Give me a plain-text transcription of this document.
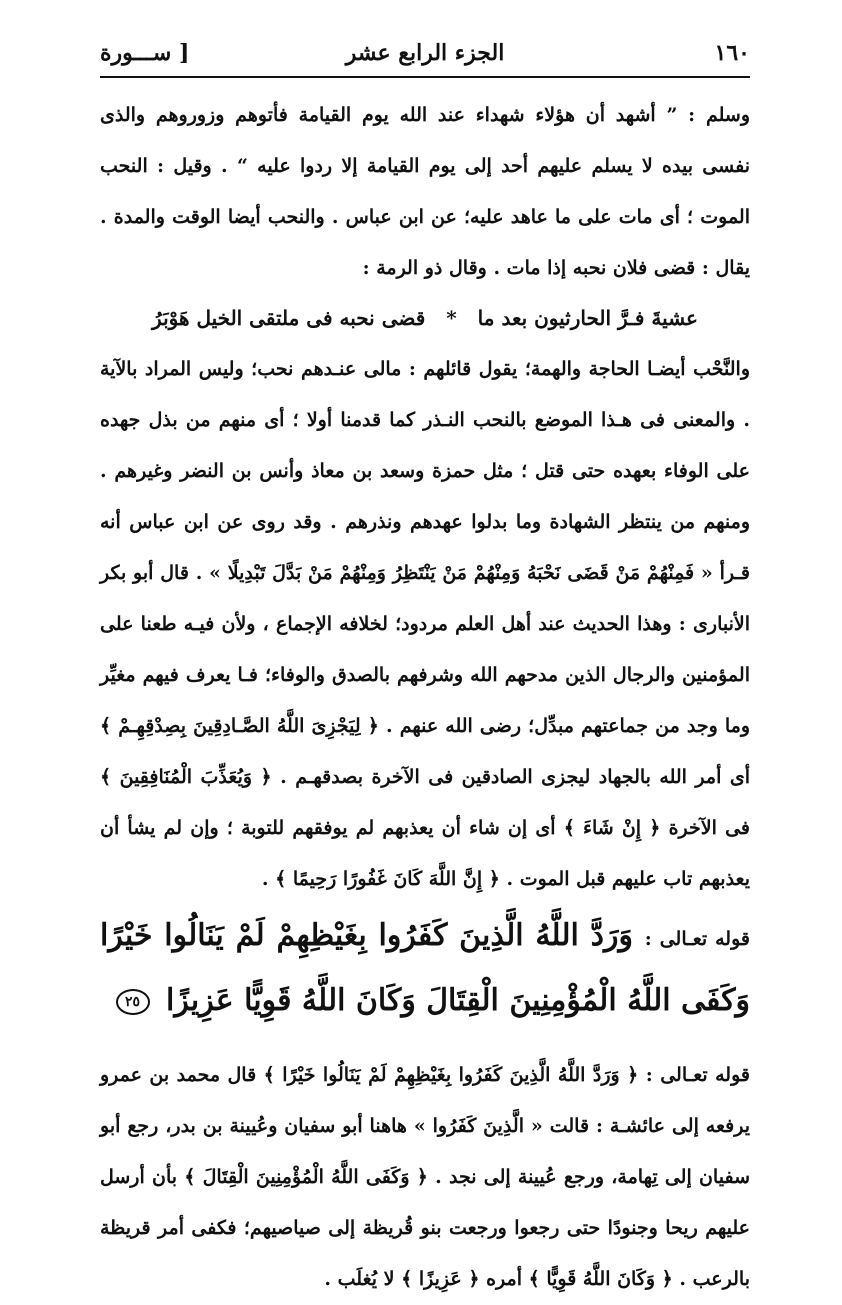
١٦٠
الجزء الرابع عشر
[ ســـورة

وسلم : ” أشهد أن هؤلاء شهداء عند الله يوم القيامة فأتوهم وزوروهم والذى نفسى بيده لا يسلم عليهم أحد إلى يوم القيامة إلا ردوا عليه “ . وقيل : النحب الموت ؛ أى مات على ما عاهد عليه؛ عن ابن عباس . والنحب أيضا الوقت والمدة . يقال : قضى فلان نحبه إذا مات . وقال ذو الرمة :

عشيةَ فـرَّ الحارثيون بعد ما * قضى نحبه فى ملتقى الخيل هَوْبَرُ

والنَّحْب أيضـا الحاجة والهمة؛ يقول قائلهم : مالى عنـدهم نحب؛ وليس المراد بالآية . والمعنى فى هـذا الموضع بالنحب النـذر كما قدمنا أولا ؛ أى منهم من بذل جهده على الوفاء بعهده حتى قتل ؛ مثل حمزة وسعد بن معاذ وأنس بن النضر وغيرهم . ومنهم من ينتظر الشهادة وما بدلوا عهدهم ونذرهم . وقد روى عن ابن عباس أنه قـرأ « فَمِنْهُمْ مَنْ قَضَى نَحْبَهُ وَمِنْهُمْ مَنْ يَنْتَظِرُ وَمِنْهُمْ مَنْ بَدَّلَ تَبْدِيلًا » . قال أبو بكر الأنبارى : وهذا الحديث عند أهل العلم مردود؛ لخلافه الإجماع ، ولأن فيـه طعنا على المؤمنين والرجال الذين مدحهم الله وشرفهم بالصدق والوفاء؛ فـا يعرف فيهم مغيِّر وما وجد من جماعتهم مبدِّل؛ رضى الله عنهم . ﴿ لِيَجْزِىَ اللَّهُ الصَّـادِقِينَ بِصِدْقِهِـمْ ﴾ أى أمر الله بالجهاد ليجزى الصادقين فى الآخرة بصدقهـم . ﴿ وَيُعَذِّبَ الْمُنَافِقِينَ ﴾ فى الآخرة ﴿ إِنْ شَاءَ ﴾ أى إن شاء أن يعذبهم لم يوفقهم للتوبة ؛ وإن لم يشأ أن يعذبهم تاب عليهم قبل الموت . ﴿ إِنَّ اللَّهَ كَانَ غَفُورًا رَحِيمًا ﴾ .

قوله تعـالى : وَرَدَّ اللَّهُ الَّذِينَ كَفَرُوا بِغَيْظِهِمْ لَمْ يَنَالُوا خَيْرًا وَكَفَى اللَّهُ الْمُؤْمِنِينَ الْقِتَالَ وَكَانَ اللَّهُ قَوِيًّا عَزِيزًا ٢٥

قوله تعـالى : ﴿ وَرَدَّ اللَّهُ الَّذِينَ كَفَرُوا بِغَيْظِهِمْ لَمْ يَنَالُوا خَيْرًا ﴾ قال محمد بن عمرو يرفعه إلى عائشـة : قالت « الَّذِينَ كَفَرُوا » هاهنا أبو سفيان وعُيينة بن بدر، رجع أبو سفيان إلى تِهامة، ورجع عُيينة إلى نجد . ﴿ وَكَفَى اللَّهُ الْمُؤْمِنِينَ الْقِتَالَ ﴾ بأن أرسل عليهم ريحا وجنودًا حتى رجعوا ورجعت بنو قُريظة إلى صياصيهم؛ فكفى أمر قريظة بالرعب . ﴿ وَكَانَ اللَّهُ قَوِيًّا ﴾ أمره ﴿ عَزِيزًا ﴾ لا يُغلَب .
